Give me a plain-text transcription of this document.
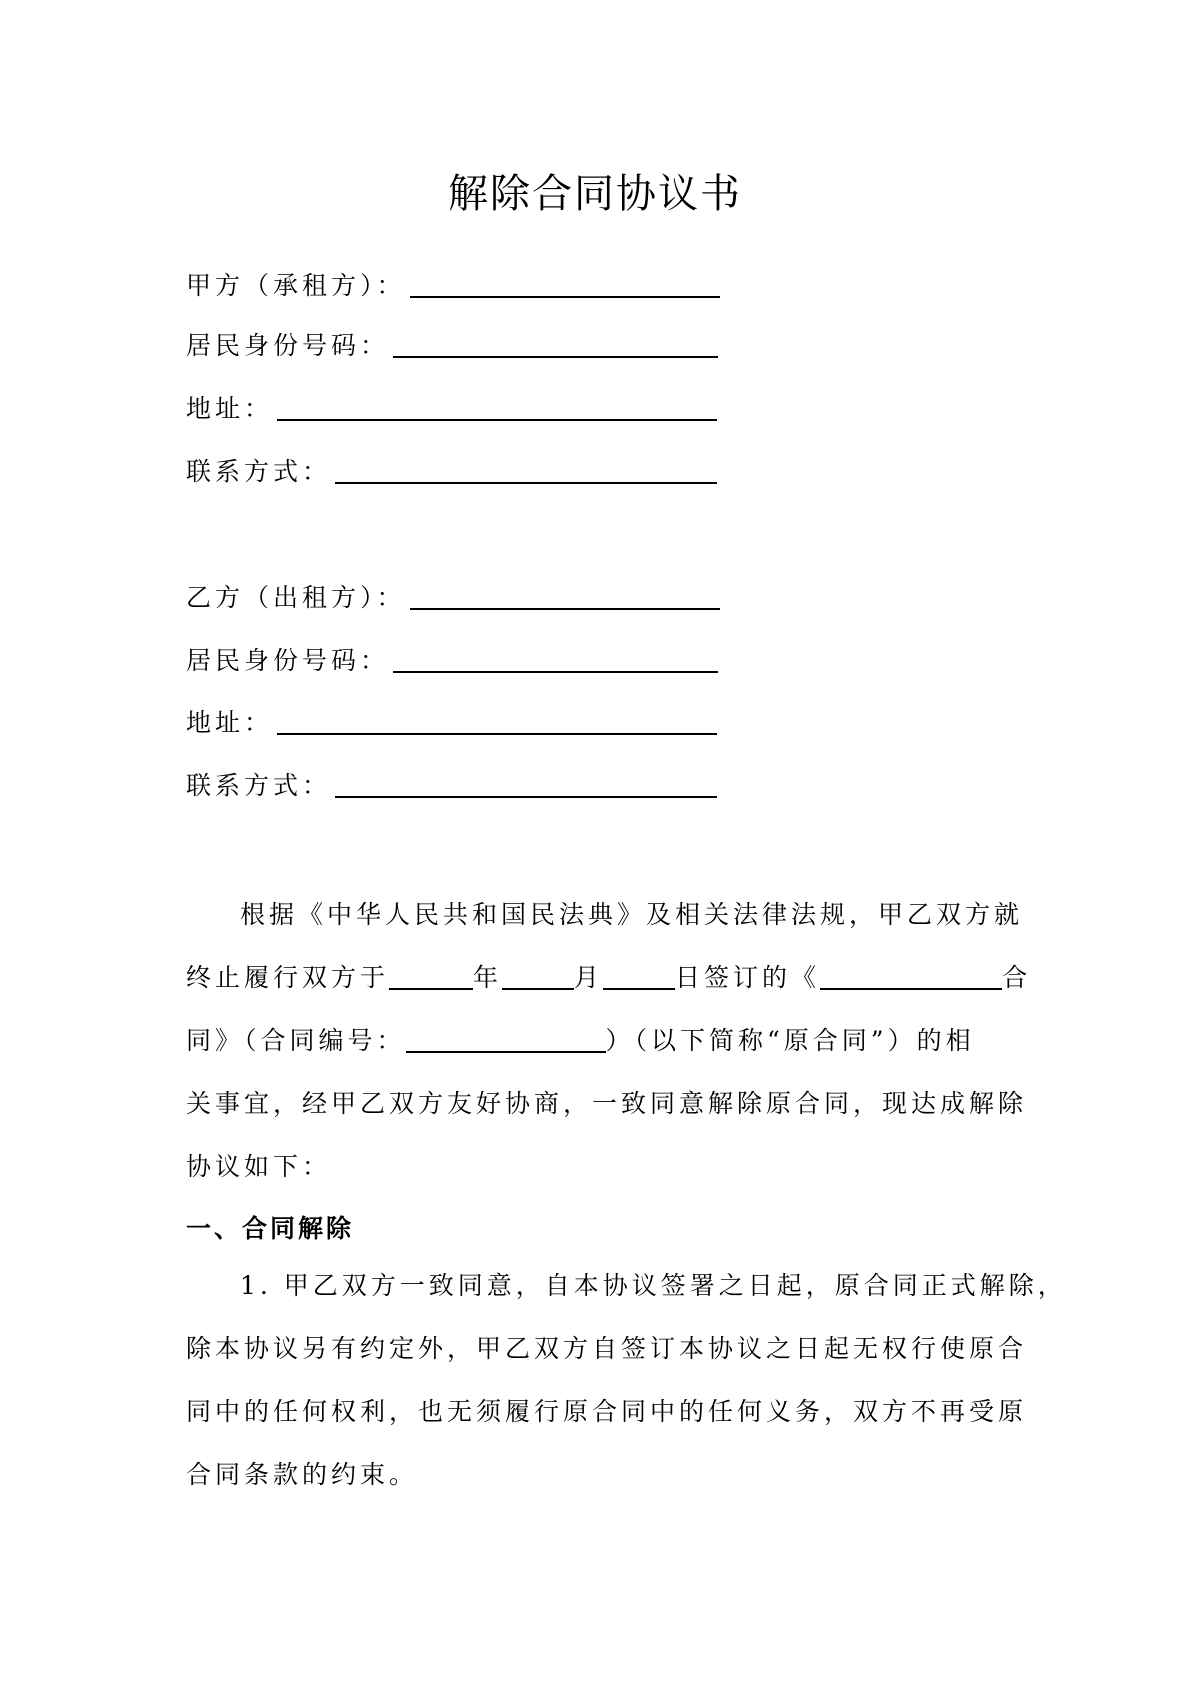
解除合同协议书
甲方（承租方）：
居民身份号码：
地址：
联系方式：
乙方（出租方）：
居民身份号码：
地址：
联系方式：
根据《中华人民共和国民法典》及相关法律法规，甲乙双方就
终止履行双方于	年	月	日签订的《	合
同》（合同编号：	）（以下简称“原合同”）的相
关事宜，经甲乙双方友好协商，一致同意解除原合同，现达成解除
协议如下：
一、合同解除
1. 甲乙双方一致同意，自本协议签署之日起，原合同正式解除，
除本协议另有约定外，甲乙双方自签订本协议之日起无权行使原合
同中的任何权利，也无须履行原合同中的任何义务，双方不再受原
合同条款的约束。
